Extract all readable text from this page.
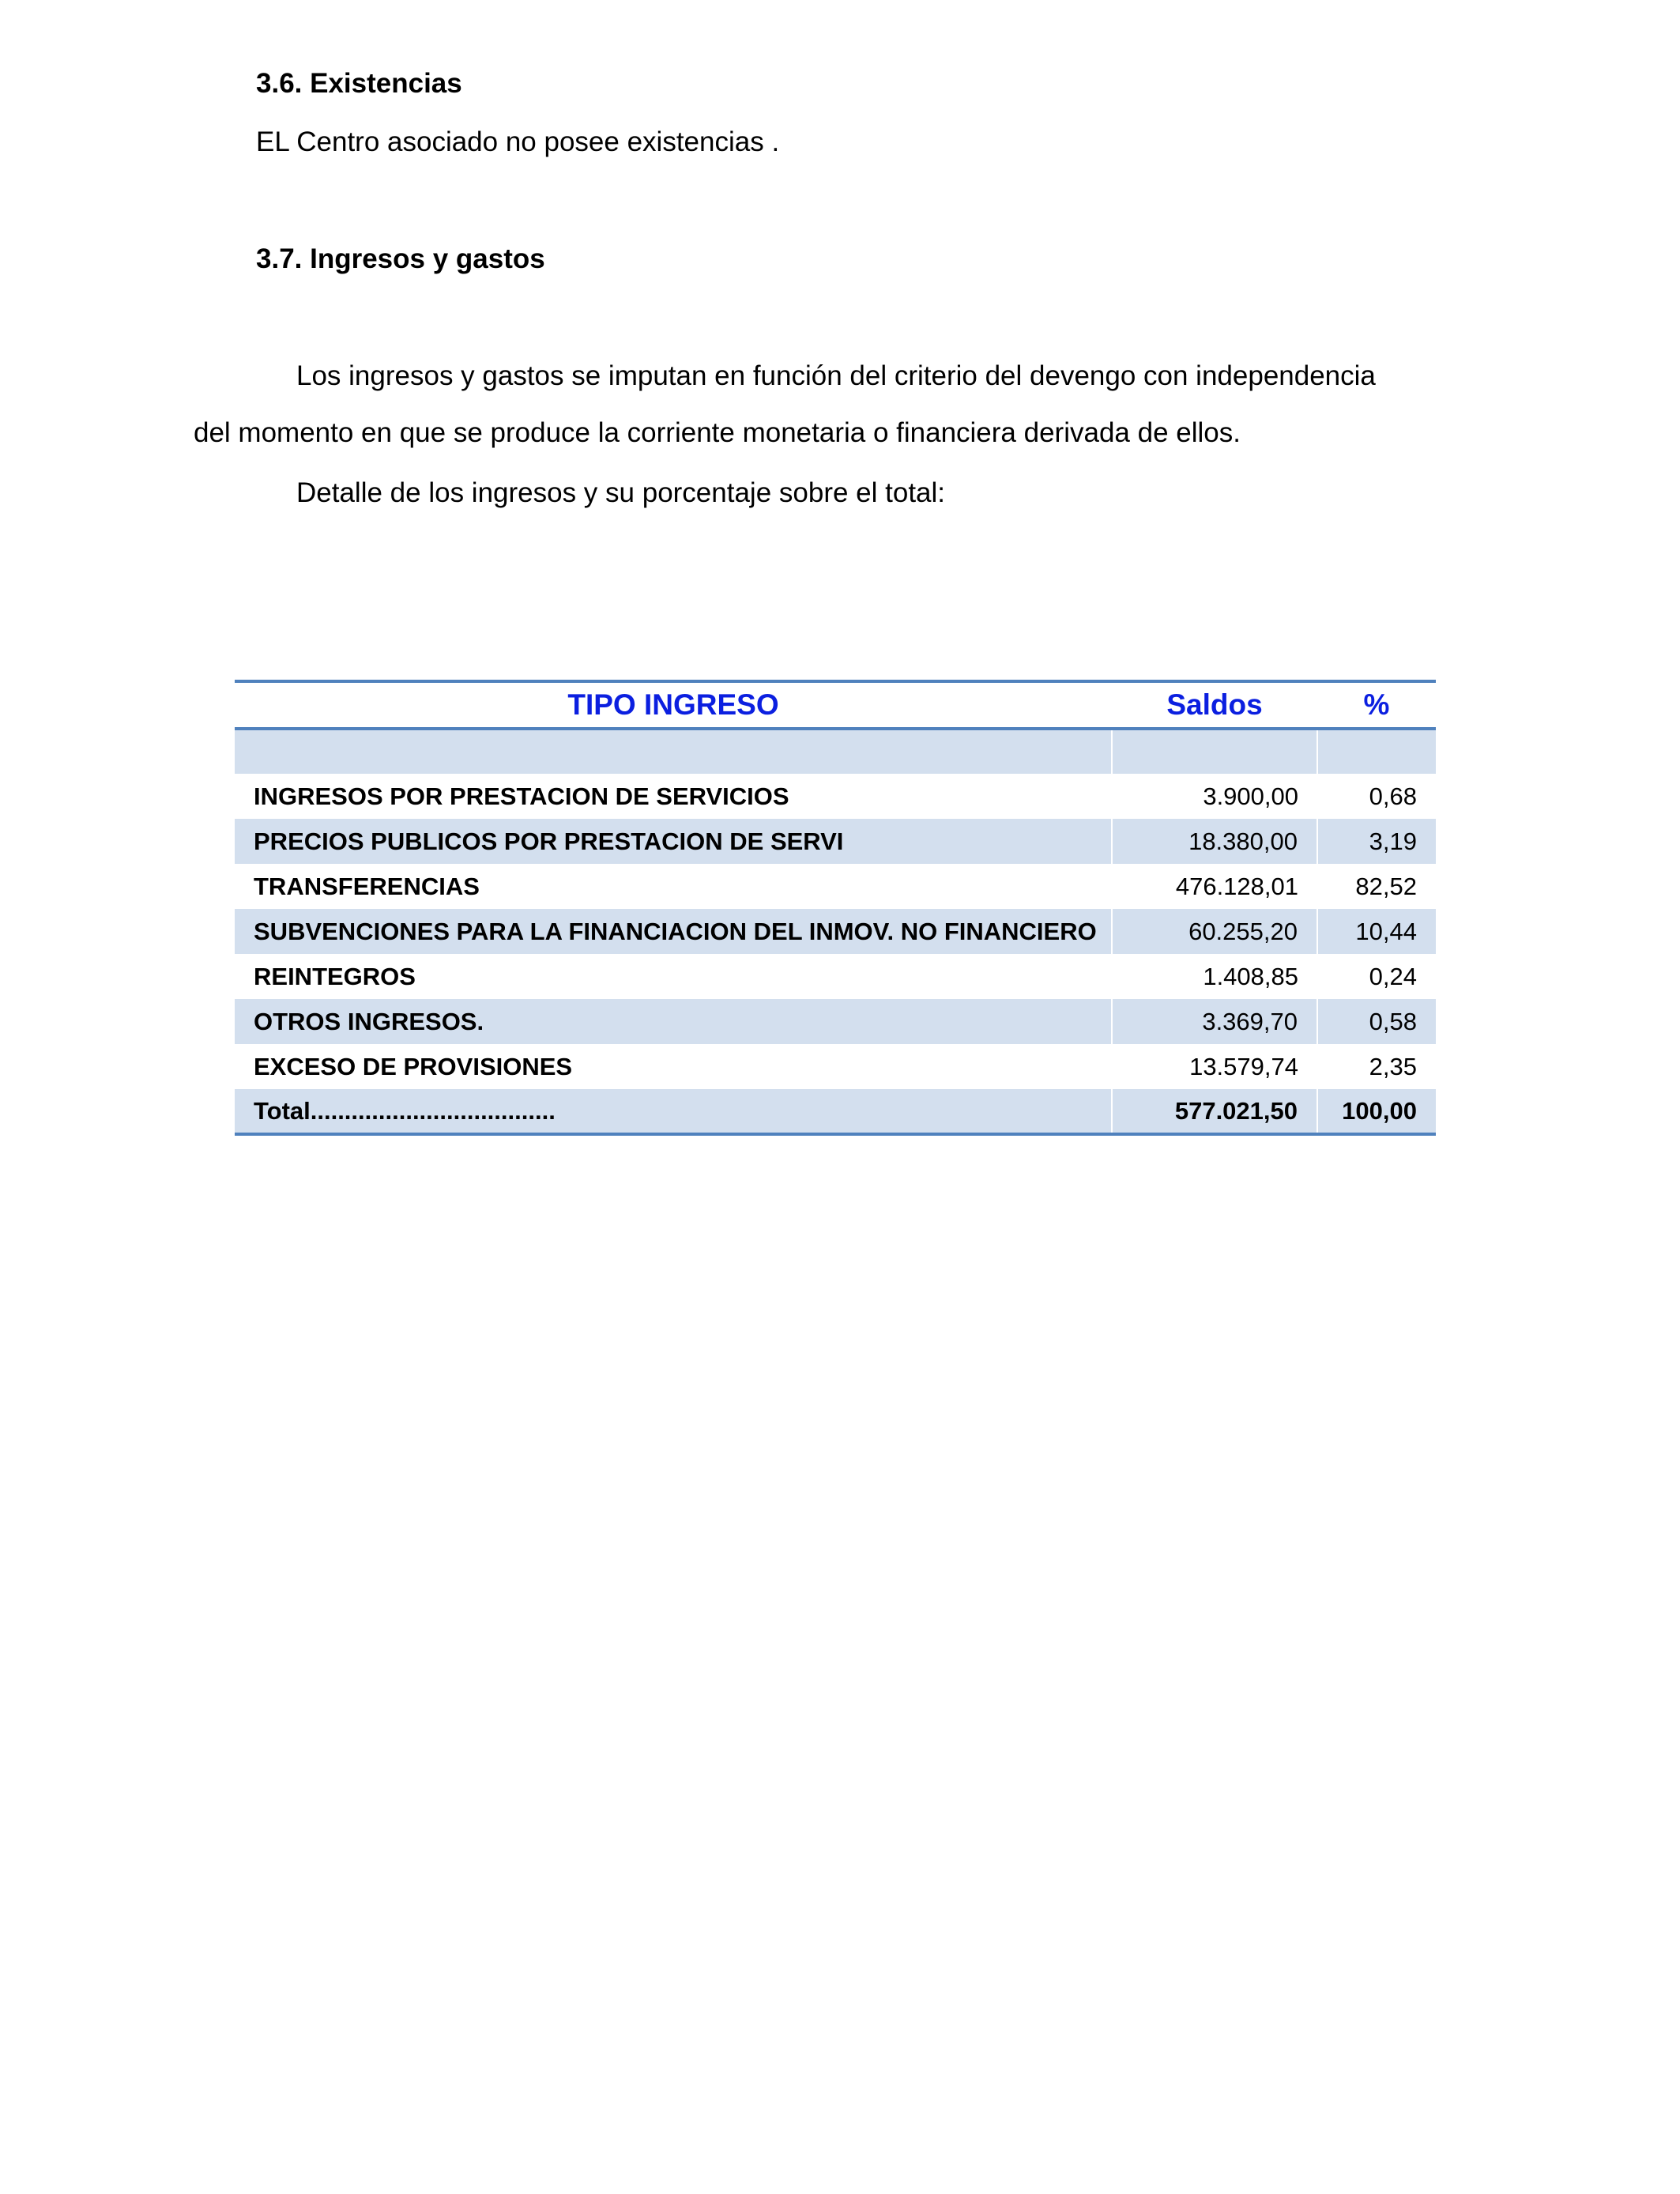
3.6. Existencias

EL Centro asociado no posee existencias .

3.7. Ingresos y gastos

Los ingresos y gastos se imputan en función del criterio del devengo con independencia

del momento en que se produce la corriente monetaria o financiera derivada de ellos.

Detalle de los ingresos y su porcentaje sobre el total:

TIPO INGRESO	Saldos	%

INGRESOS POR PRESTACION DE SERVICIOS	3.900,00	0,68
PRECIOS PUBLICOS POR PRESTACION DE SERVI	18.380,00	3,19
TRANSFERENCIAS	476.128,01	82,52
SUBVENCIONES PARA LA FINANCIACION DEL INMOV. NO FINANCIERO	60.255,20	10,44
REINTEGROS	1.408,85	0,24
OTROS INGRESOS.	3.369,70	0,58
EXCESO DE PROVISIONES	13.579,74	2,35
Total....................................	577.021,50	100,00
